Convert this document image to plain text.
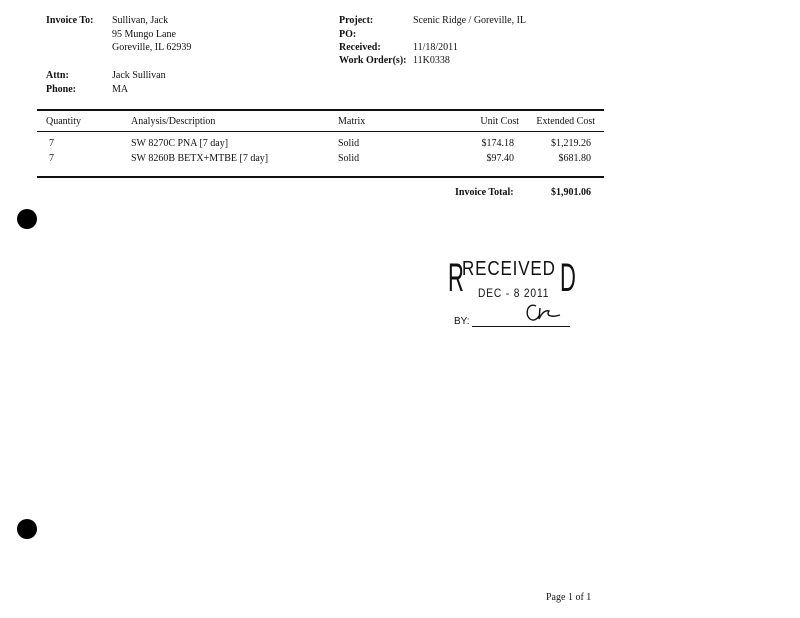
Invoice To: Sullivan, Jack
95 Mungo Lane
Goreville, IL 62939
Attn:	Jack Sullivan
Phone:	MA
Project:	Scenic Ridge / Goreville, IL
PO:
Received:	11/18/2011
Work Order(s): 11K0338
Quantity	Analysis/Description	Matrix	Unit Cost	Extended Cost
7	SW 8270C PNA [7 day]	Solid	$174.18	$1,219.26
7	SW 8260B BETX+MTBE [7 day]	Solid	$97.40	$681.80
Invoice Total:	$1,901.06
R D
RECEIVED
DEC - 8 2011
BY:
Page 1 of 1
